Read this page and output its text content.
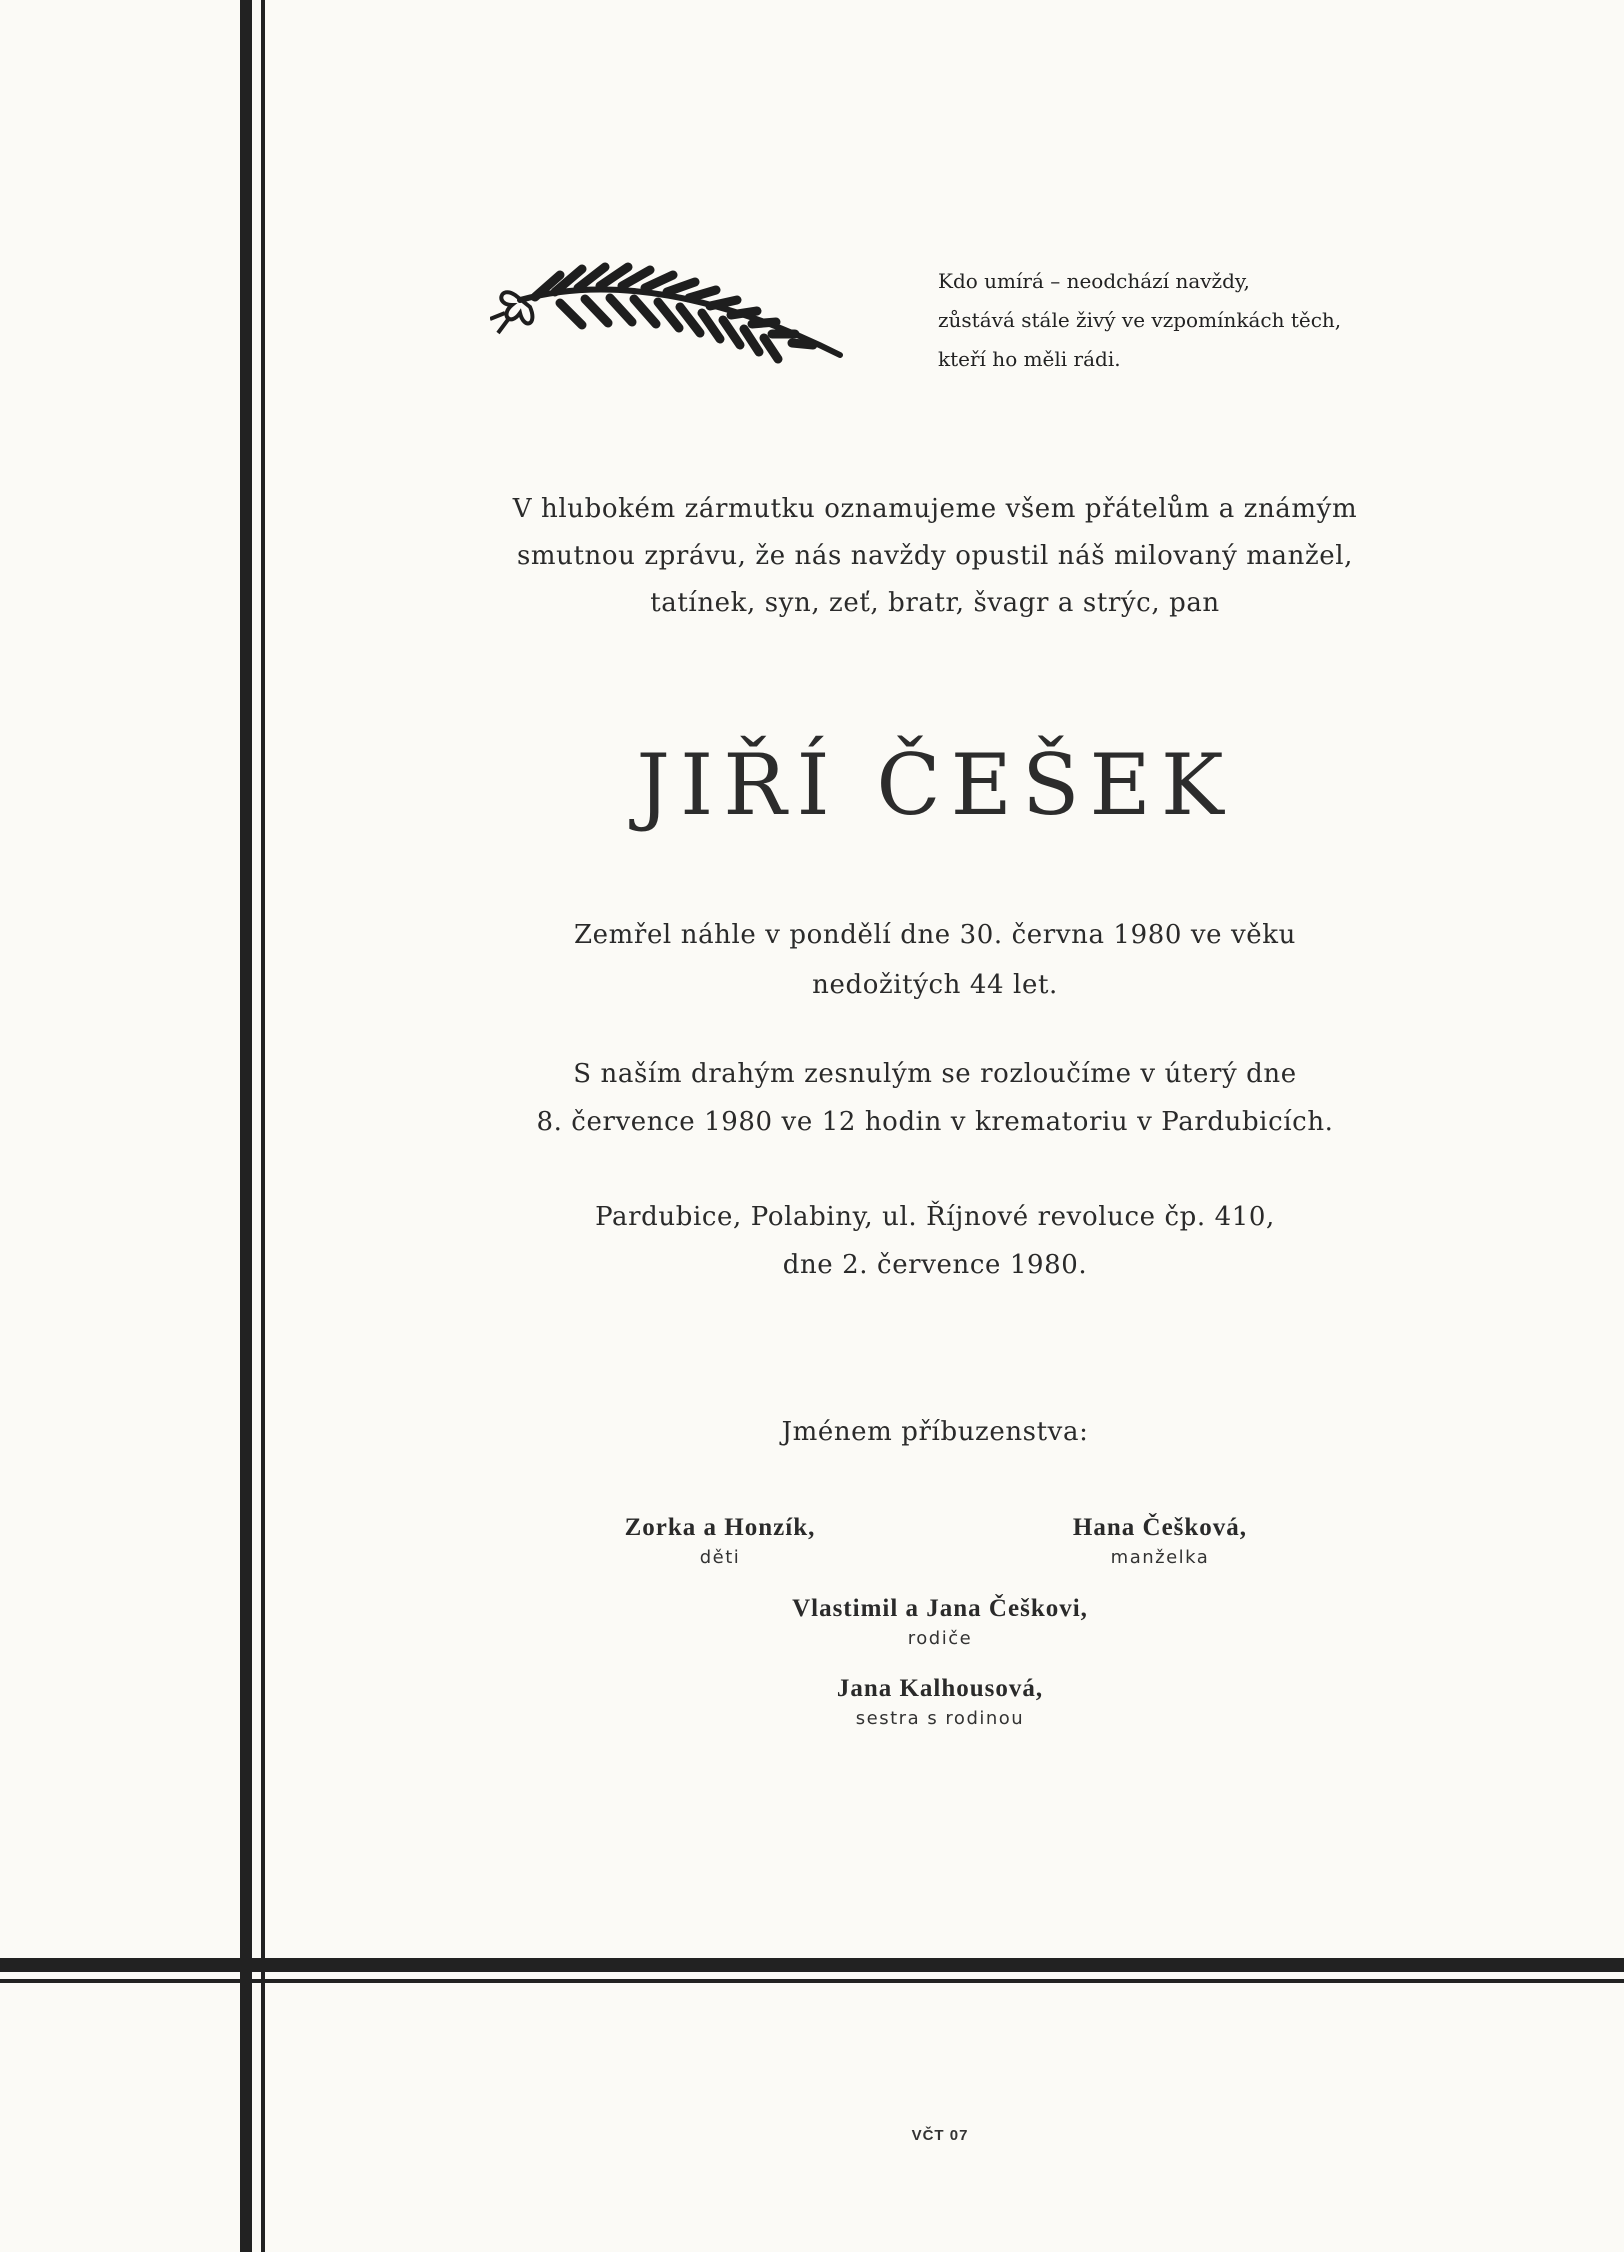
Kdo umírá – neodchází navždy,
zůstává stále živý ve vzpomínkách těch,
kteří ho měli rádi.
V hlubokém zármutku oznamujeme všem přátelům a známým
smutnou zprávu, že nás navždy opustil náš milovaný manžel,
tatínek, syn, zeť, bratr, švagr a strýc, pan
JIŘÍ ČEŠEK
Zemřel náhle v pondělí dne 30. června 1980 ve věku
nedožitých 44 let.
S naším drahým zesnulým se rozloučíme v úterý dne
8. července 1980 ve 12 hodin v krematoriu v Pardubicích.
Pardubice, Polabiny, ul. Říjnové revoluce čp. 410,
dne 2. července 1980.
Jménem příbuzenstva:
Zorka a Honzík,
děti
Hana Češková,
manželka
Vlastimil a Jana Češkovi,
rodiče
Jana Kalhousová,
sestra s rodinou
VČT 07
